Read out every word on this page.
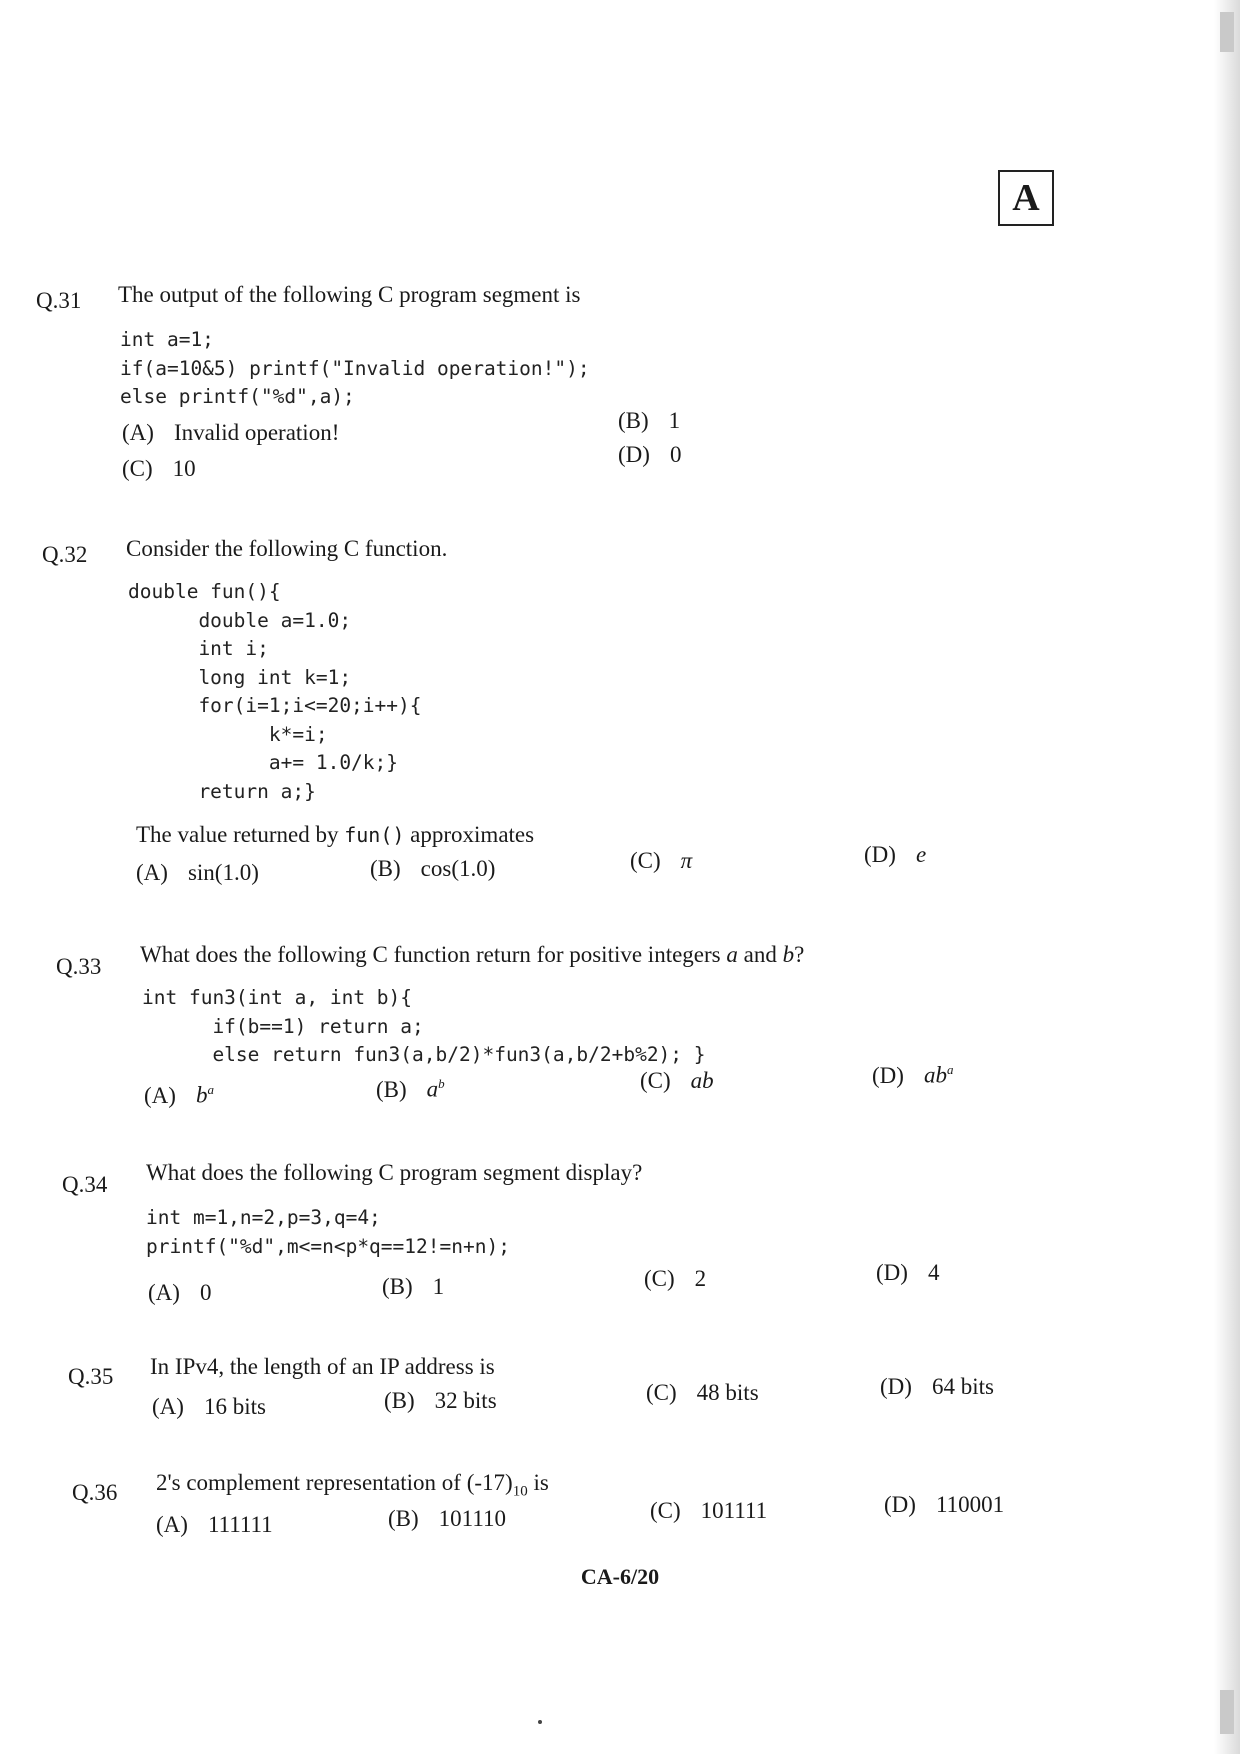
A
Q.31 The output of the following C program segment is
int a=1;
if(a=10&5) printf("Invalid operation!");
else printf("%d",a);
(A) Invalid operation!	(B) 1
(C) 10
(D) 0
Q.32 Consider the following C function.
double fun(){
double a=1.0;
int i;
long int k=1;
for(i=1;i<=20;i++){
k*=i;
a+= 1.0/k;}
return a;}
The value returned by fun() approximates
(A) sin(1.0)	(B) cos(1.0)	(C) π	(D) e
Q.33 What does the following C function return for positive integers a and b?
int fun3(int a, int b){
if(b==1) return a;
else return fun3(a,b/2)*fun3(a,b/2+b%2); }
(A) $b^a$	(B) $a^b$	(C) ab	(D) $ab^a$
Q.34 What does the following C program segment display?
int m=1,n=2,p=3,q=4;
printf("%d",m<=n<p*q==12!=n+n);
(A) 0	(B) 1	(C) 2	(D) 4
Q.35 In IPv4, the length of an IP address is
(A) 16 bits	(B) 32 bits	(C) 48 bits	(D) 64 bits
Q.36 2's complement representation of $(-17)_{10}$ is
(A) 111111	(B) 101110	(C) 101111	(D) 110001
CA-6/20
